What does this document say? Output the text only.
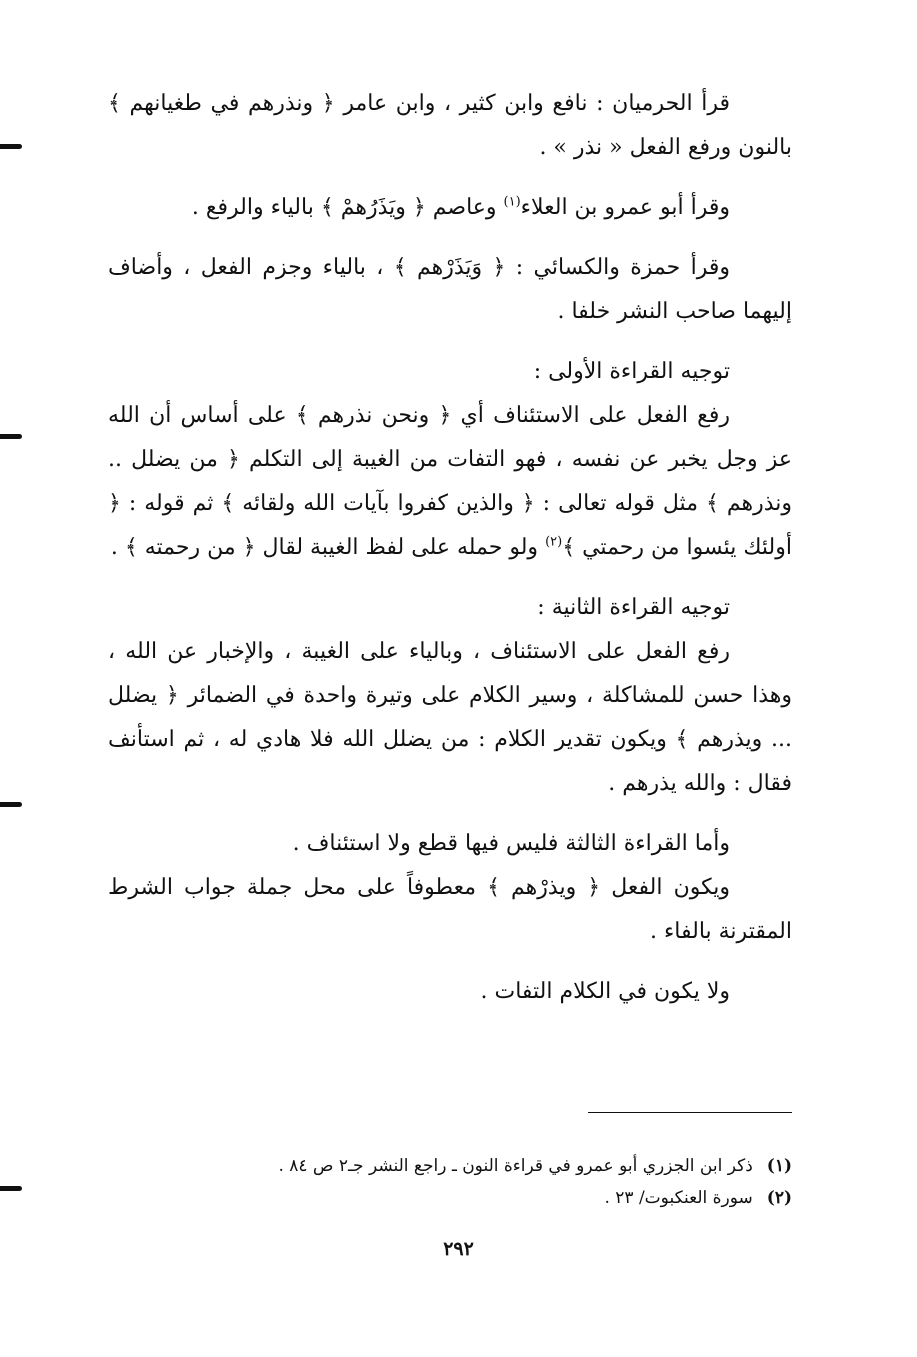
قرأ الحرميان : نافع وابن كثير ، وابن عامر ﴿ ونذرهم في طغيانهم ﴾ بالنون ورفع الفعل « نذر » .

وقرأ أبو عمرو بن العلاء$^{(١)}$ وعاصم ﴿ ويَذَرُهمْ ﴾ بالياء والرفع .

وقرأ حمزة والكسائي : ﴿ وَيَذَرْهم ﴾ ، بالياء وجزم الفعل ، وأضاف إليهما صاحب النشر خلفا .

توجيه القراءة الأولى :

رفع الفعل على الاستئناف أي ﴿ ونحن نذرهم ﴾ على أساس أن الله عز وجل يخبر عن نفسه ، فهو التفات من الغيبة إلى التكلم ﴿ من يضلل .. ونذرهم ﴾ مثل قوله تعالى : ﴿ والذين كفروا بآيات الله ولقائه ﴾ ثم قوله : ﴿ أولئك يئسوا من رحمتي ﴾$^{(٢)}$ ولو حمله على لفظ الغيبة لقال ﴿ من رحمته ﴾ .

توجيه القراءة الثانية :

رفع الفعل على الاستئناف ، وبالياء على الغيبة ، والإخبار عن الله ، وهذا حسن للمشاكلة ، وسير الكلام على وتيرة واحدة في الضمائر ﴿ يضلل ... ويذرهم ﴾ ويكون تقدير الكلام : من يضلل الله فلا هادي له ، ثم استأنف فقال : والله يذرهم .

وأما القراءة الثالثة فليس فيها قطع ولا استئناف .

ويكون الفعل ﴿ ويذرْهم ﴾ معطوفاً على محل جملة جواب الشرط المقترنة بالفاء .

ولا يكون في الكلام التفات .

(١)ذكر ابن الجزري أبو عمرو في قراءة النون ـ راجع النشر جـ٢ ص ٨٤ .

(٢)سورة العنكبوت/ ٢٣ .

٢٩٢
